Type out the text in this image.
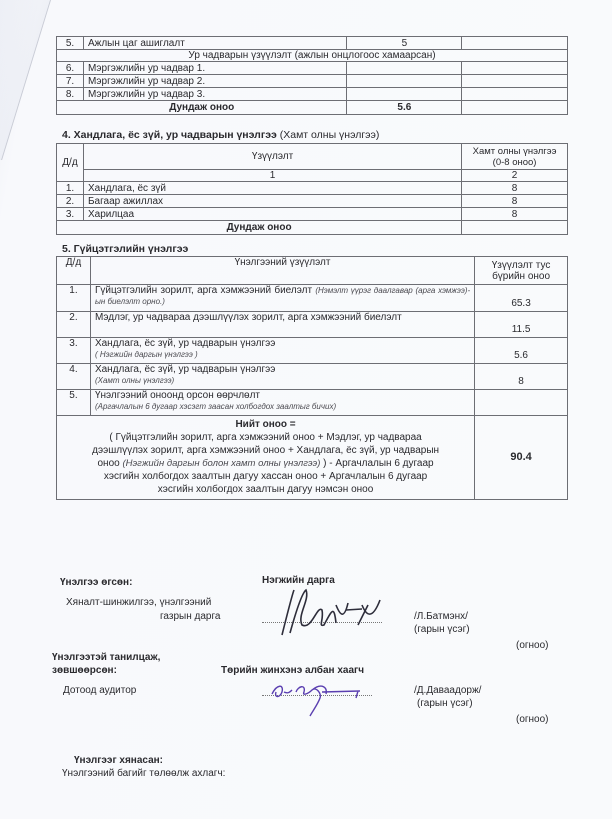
5.	Ажлын цаг ашиглалт	5	
Ур чадварын үзүүлэлт (ажлын онцлогоос хамаарсан)			
6.	Мэргэжлийн ур чадвар 1.		
7.	Мэргэжлийн ур чадвар 2.		
8.	Мэргэжлийн ур чадвар 3.		
Дундаж оноо		5.6	
4. Хандлага, ёс зүй, ур чадварын үнэлгээ (Хамт олны үнэлгээ)
Д/д	Үзүүлэлт	Хамт олны үнэлгээ (0-8 оноо)
	1	2
1.	Хандлага, ёс зүй	8
2.	Багаар ажиллах	8
3.	Харилцаа	8
Дундаж оноо		
5. Гүйцэтгэлийн үнэлгээ
Д/д	Үнэлгээний үзүүлэлт	Үзүүлэлт тус бүрийн оноо
1.	Гүйцэтгэлийн зорилт, арга хэмжээний биелэлт (Нэмэлт үүрэг даалгавар (арга хэмжээ)-ын биелэлт орно.)	65.3
2.	Мэдлэг, ур чадвараа дээшлүүлэх зорилт, арга хэмжээний биелэлт	11.5
3.	Хандлага, ёс зүй, ур чадварын үнэлгээ
( Нэгжийн даргын үнэлгээ )	5.6
4.	Хандлага, ёс зүй, ур чадварын үнэлгээ
(Хамт олны үнэлгээ)	8
5.	Үнэлгээний оноонд орсон өөрчлөлт
(Аргачлалын 6 дугаар хэсэгт заасан холбогдох заалтыг бичих)	

Нийт оноо =
( Гүйцэтгэлийн зорилт, арга хэмжээний оноо + Мэдлэг, ур чадвараа дээшлүүлэх зорилт, арга хэмжээний оноо + Хандлага, ёс зүй, ур чадварын оноо (Нэгжийн даргын болон хамт олны үнэлгээ) ) - Аргачлалын 6 дугаар хэсгийн холбогдох заалтын дагуу хассан оноо + Аргачлалын 6 дугаар хэсгийн холбогдох заалтын дагуу нэмсэн оноо		90.4
Үнэлгээ өгсөн:	Нэгжийн дарга
Хяналт-шинжилгээ, үнэлгээний
газрын дарга	/Л.Батмэнх/
(гарын үсэг)
(огноо)
Үнэлгээтэй танилцаж,
зөвшөөрсөн:	Төрийн жинхэнэ албан хаагч
Дотоод аудитор	/Д.Даваадорж/
(гарын үсэг)
(огноо)
Үнэлгээг хянасан:
Үнэлгээний багийг төлөөлж ахлагч:
